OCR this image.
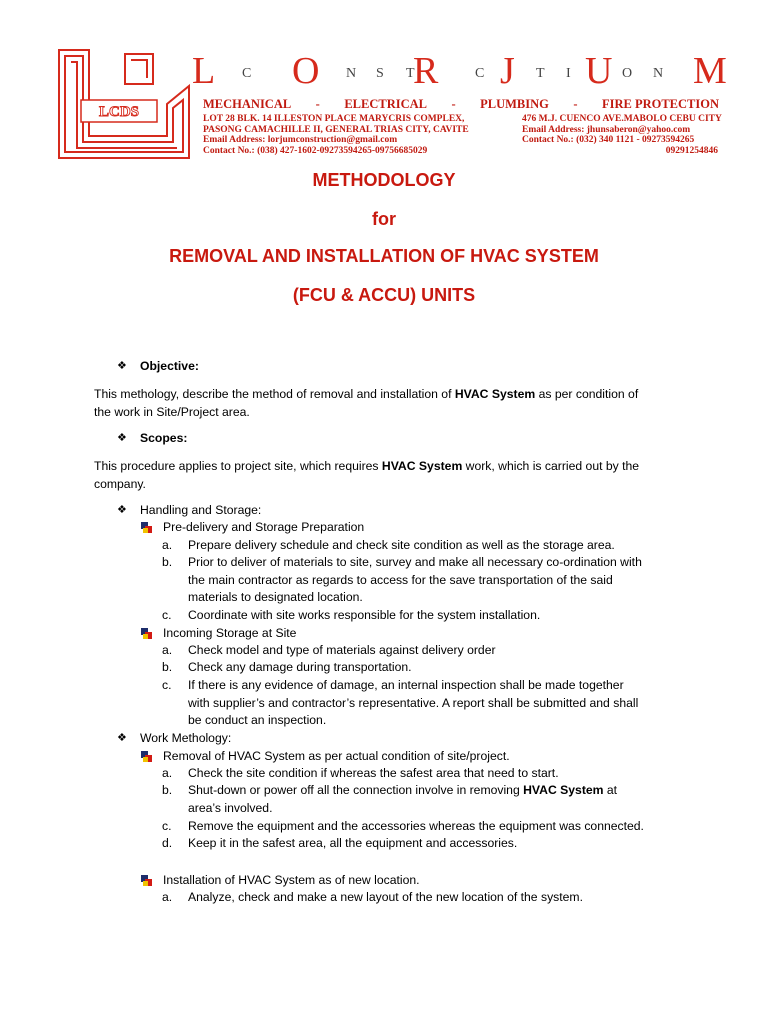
LCDS
L C O N S T
R	C J T I U O N M
MECHANICAL - ELECTRICAL - PLUMBING - FIRE PROTECTION
LOT 28 BLK. 14 ILLESTON PLACE MARYCRIS COMPLEX,
PASONG CAMACHILLE II, GENERAL TRIAS CITY, CAVITE
Email Address: lorjumconstruction@gmail.com
Contact No.: (038) 427-1602-09273594265-09756685029
476 M.J. CUENCO AVE.MABOLO CEBU CITY
Email Address: jhunsaberon@yahoo.com
Contact No.: (032) 340 1121 - 09273594265
09291254846
METHODOLOGY
for
REMOVAL AND INSTALLATION OF HVAC SYSTEM
(FCU & ACCU) UNITS
❖ Objective:
This methology, describe the method of removal and installation of HVAC System as per condition of
the work in Site/Project area.
❖ Scopes:
This procedure applies to project site, which requires HVAC System work, which is carried out by the
company.
❖ Handling and Storage:
Pre-delivery and Storage Preparation
a.	Prepare delivery schedule and check site condition as well as the storage area.
b.	Prior to deliver of materials to site, survey and make all necessary co-ordination with
the main contractor as regards to access for the save transportation of the said
materials to designated location.
c.	Coordinate with site works responsible for the system installation.
Incoming Storage at Site
a.	Check model and type of materials against delivery order
b.	Check any damage during transportation.
c.	If there is any evidence of damage, an internal inspection shall be made together
with supplier’s and contractor’s representative. A report shall be submitted and shall
be conduct an inspection.
❖ Work Methology:
Removal of HVAC System as per actual condition of site/project.
a.	Check the site condition if whereas the safest area that need to start.
b.	Shut-down or power off all the connection involve in removing HVAC System at
area’s involved.
c.	Remove the equipment and the accessories whereas the equipment was connected.
d.	Keep it in the safest area, all the equipment and accessories.
Installation of HVAC System as of new location.
a.	Analyze, check and make a new layout of the new location of the system.
